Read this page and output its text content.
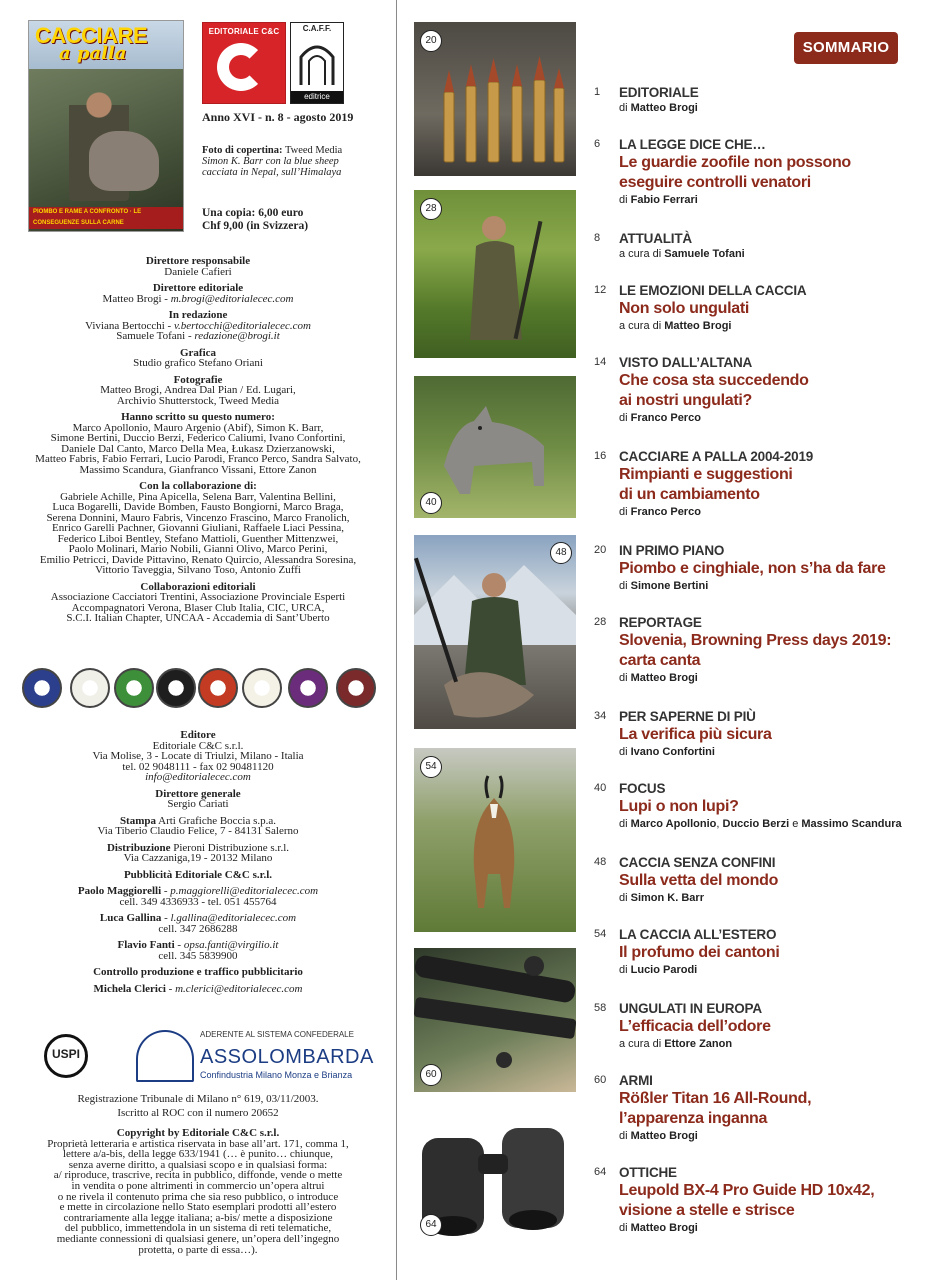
CACCIARE
a palla
PIOMBO E RAME A CONFRONTO · LE CONSEGUENZE SULLA CARNE
EDITORIALE C&C	C.A.F.F.
editrice
Anno XVI - n. 8 - agosto 2019
Foto di copertina: Tweed Media
Simon K. Barr con la blue sheep cacciata in Nepal, sull’Himalaya
Una copia: 6,00 euro
Chf 9,00 (in Svizzera)
Direttore responsabile
Daniele Cafieri
Direttore editoriale
Matteo Brogi - m.brogi@editorialecec.com
In redazione
Viviana Bertocchi - v.bertocchi@editorialecec.com
Samuele Tofani - redazione@brogi.it
Grafica
Studio grafico Stefano Oriani
Fotografie
Matteo Brogi, Andrea Dal Pian / Ed. Lugari,
Archivio Shutterstock, Tweed Media
Hanno scritto su questo numero:
Marco Apollonio, Mauro Argenio (Abif), Simon K. Barr,
Simone Bertini, Duccio Berzi, Federico Caliumi, Ivano Confortini,
Daniele Dal Canto, Marco Della Mea, Łukasz Dzierzanowski,
Matteo Fabris, Fabio Ferrari, Lucio Parodi, Franco Perco, Sandra Salvato,
Massimo Scandura, Gianfranco Vissani, Ettore Zanon
Con la collaborazione di:
Gabriele Achille, Pina Apicella, Selena Barr, Valentina Bellini,
Luca Bogarelli, Davide Bomben, Fausto Bongiorni, Marco Braga,
Serena Donnini, Mauro Fabris, Vincenzo Frascino, Marco Franolich,
Enrico Garelli Pachner, Giovanni Giuliani, Raffaele Liaci Pessina,
Federico Liboi Bentley, Stefano Mattioli, Guenther Mittenzwei,
Paolo Molinari, Mario Nobili, Gianni Olivo, Marco Perini,
Emilio Petricci, Davide Pittavino, Renato Quircio, Alessandra Soresina,
Vittorio Taveggia, Silvano Toso, Antonio Zuffi
Collaborazioni editoriali
Associazione Cacciatori Trentini, Associazione Provinciale Esperti
Accompagnatori Verona, Blaser Club Italia, CIC, URCA,
S.C.I. Italian Chapter, UNCAA - Accademia di Sant’Uberto
Editore
Editoriale C&C s.r.l.
Via Molise, 3 - Locate di Triulzi, Milano - Italia
tel. 02 9048111 - fax 02 90481120
info@editorialecec.com
Direttore generale
Sergio Cariati
Stampa Arti Grafiche Boccia s.p.a.
Via Tiberio Claudio Felice, 7 - 84131 Salerno
Distribuzione Pieroni Distribuzione s.r.l.
Via Cazzaniga,19 - 20132 Milano
Pubblicità Editoriale C&C s.r.l.
Paolo Maggiorelli - p.maggiorelli@editorialecec.com
cell. 349 4336933 - tel. 051 455764
Luca Gallina - l.gallina@editorialecec.com
cell. 347 2686288
Flavio Fanti - opsa.fanti@virgilio.it
cell. 345 5839900
Controllo produzione e traffico pubblicitario
Michela Clerici - m.clerici@editorialecec.com
USPI
ADERENTE AL SISTEMA CONFEDERALE
ASSOLOMBARDA
Confindustria Milano Monza e Brianza
Registrazione Tribunale di Milano n° 619, 03/11/2003.
Iscritto al ROC con il numero 20652
Copyright by Editoriale C&C s.r.l.
Proprietà letteraria e artistica riservata in base all’art. 171, comma 1,
lettere a/a-bis, della legge 633/1941 (… è punito… chiunque,
senza averne diritto, a qualsiasi scopo e in qualsiasi forma:
a/ riproduce, trascrive, recita in pubblico, diffonde, vende o mette
in vendita o pone altrimenti in commercio un’opera altrui
o ne rivela il contenuto prima che sia reso pubblico, o introduce
e mette in circolazione nello Stato esemplari prodotti all’estero
contrariamente alla legge italiana; a-bis/ mette a disposizione
del pubblico, immettendola in un sistema di reti telematiche,
mediante connessioni di qualsiasi genere, un’opera dell’ingegno
protetta, o parte di essa…).
20
28
40
48
54
60
64
SOMMARIO
1 EDITORIALE
di Matteo Brogi
6 LA LEGGE DICE CHE…
Le guardie zoofile non possono
eseguire controlli venatori
di Fabio Ferrari
8 ATTUALITÀ
a cura di Samuele Tofani
12 LE EMOZIONI DELLA CACCIA
Non solo ungulati
a cura di Matteo Brogi
14 VISTO DALL’ALTANA
Che cosa sta succedendo
ai nostri ungulati?
di Franco Perco
16 CACCIARE A PALLA 2004-2019
Rimpianti e suggestioni
di un cambiamento
di Franco Perco
20 IN PRIMO PIANO
Piombo e cinghiale, non s’ha da fare
di Simone Bertini
28 REPORTAGE
Slovenia, Browning Press days 2019:
carta canta
di Matteo Brogi
34 PER SAPERNE DI PIÙ
La verifica più sicura
di Ivano Confortini
40 FOCUS
Lupi o non lupi?
di Marco Apollonio, Duccio Berzi e Massimo Scandura
48 CACCIA SENZA CONFINI
Sulla vetta del mondo
di Simon K. Barr
54 LA CACCIA ALL’ESTERO
Il profumo dei cantoni
di Lucio Parodi
58 UNGULATI IN EUROPA
L’efficacia dell’odore
a cura di Ettore Zanon
60 ARMI
Rößler Titan 16 All-Round,
l’apparenza inganna
di Matteo Brogi
64 OTTICHE
Leupold BX-4 Pro Guide HD 10x42,
visione a stelle e strisce
di Matteo Brogi
